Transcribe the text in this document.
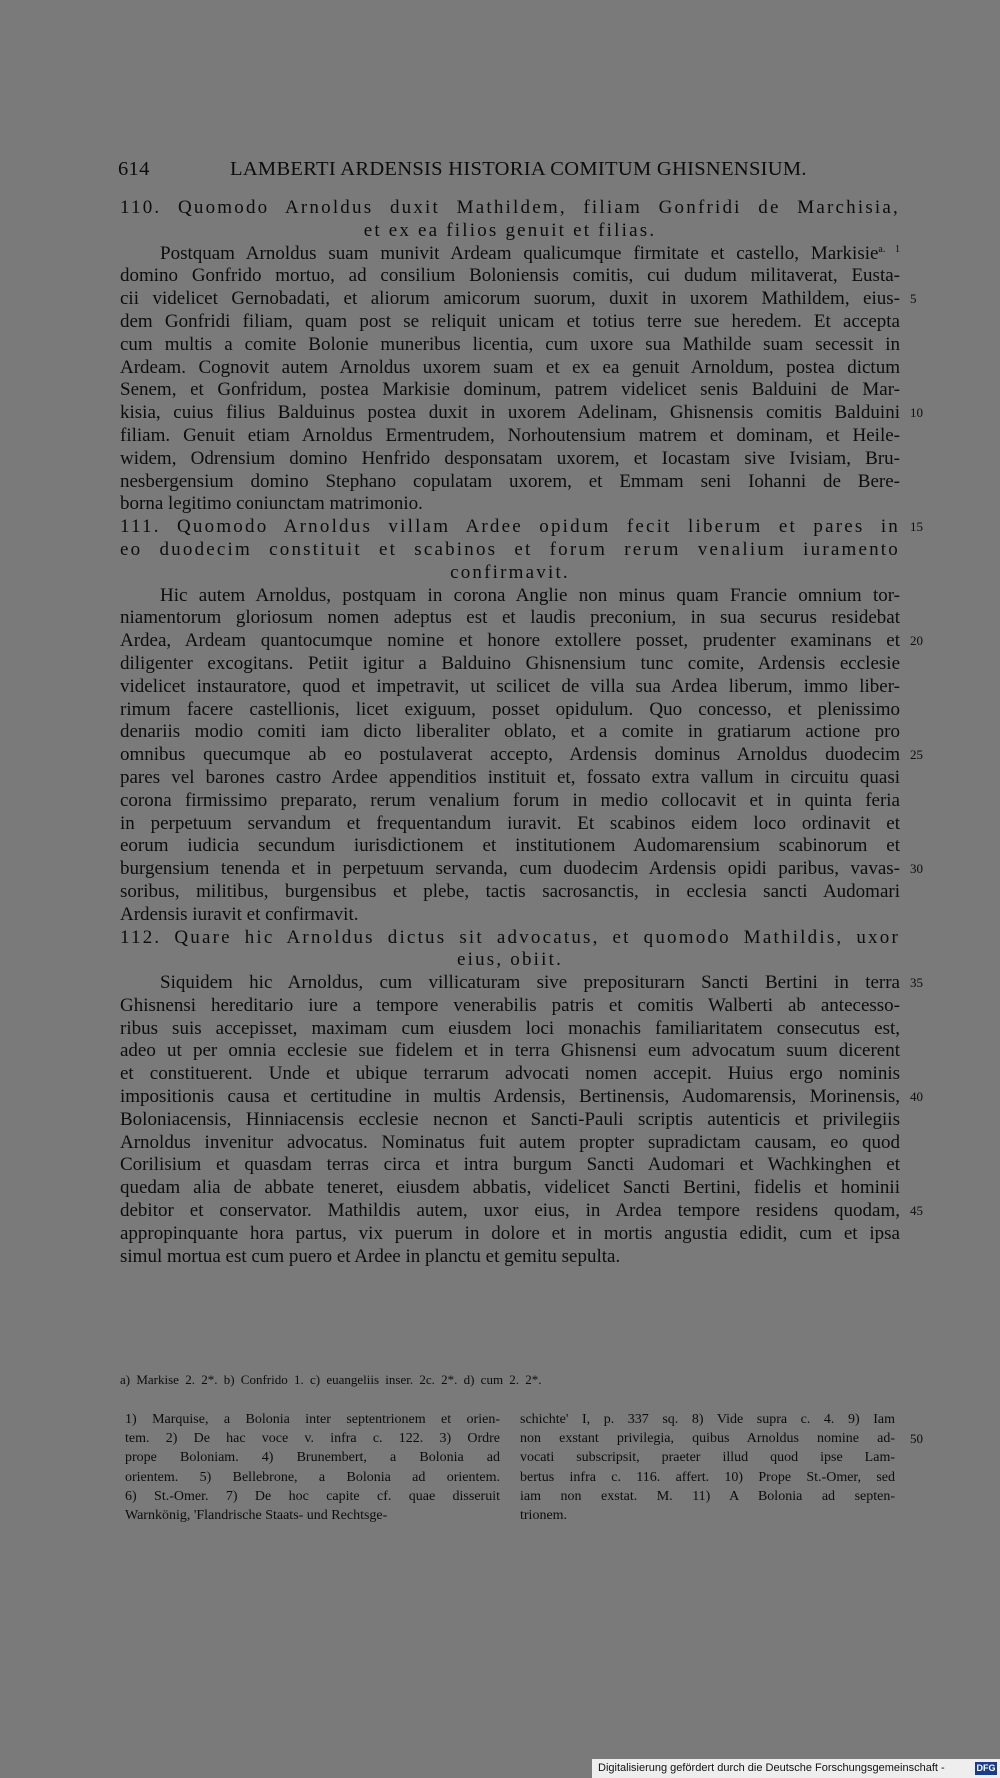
614	LAMBERTI ARDENSIS HISTORIA COMITUM GHISNENSIUM.
110. Quomodo Arnoldus duxit Mathildem, filiam Gonfridi de Marchisia,
et ex ea filios genuit et filias.
Postquam Arnoldus suam munivit Ardeam qualicumque firmitate et castello, Markisie$^{a. 1}$
domino Gonfrido mortuo, ad consilium Boloniensis comitis, cui dudum militaverat, Eusta-
cii videlicet Gernobadati, et aliorum amicorum suorum, duxit in uxorem Mathildem, eius- 5
dem Gonfridi filiam, quam post se reliquit unicam et totius terre sue heredem. Et accepta
cum multis a comite Bolonie muneribus licentia, cum uxore sua Mathilde suam secessit in
Ardeam. Cognovit autem Arnoldus uxorem suam et ex ea genuit Arnoldum, postea dictum
Senem, et Gonfridum, postea Markisie dominum, patrem videlicet senis Balduini de Mar-
kisia, cuius filius Balduinus postea duxit in uxorem Adelinam, Ghisnensis comitis Balduini 10
filiam. Genuit etiam Arnoldus Ermentrudem, Norhoutensium matrem et dominam, et Heile-
widem, Odrensium domino Henfrido desponsatam uxorem, et Iocastam sive Ivisiam, Bru-
nesbergensium domino Stephano copulatam uxorem, et Emmam seni Iohanni de Bere-
borna legitimo coniunctam matrimonio.
111. Quomodo Arnoldus villam Ardee opidum fecit liberum et pares in 15
eo duodecim constituit et scabinos et forum rerum venalium iuramento
confirmavit.
Hic autem Arnoldus, postquam in corona Anglie non minus quam Francie omnium tor-
niamentorum gloriosum nomen adeptus est et laudis preconium, in sua securus residebat
Ardea, Ardeam quantocumque nomine et honore extollere posset, prudenter examinans et 20
diligenter excogitans. Petiit igitur a Balduino Ghisnensium tunc comite, Ardensis ecclesie
videlicet instauratore, quod et impetravit, ut scilicet de villa sua Ardea liberum, immo liber-
rimum facere castellionis, licet exiguum, posset opidulum. Quo concesso, et plenissimo
denariis modio comiti iam dicto liberaliter oblato, et a comite in gratiarum actione pro
omnibus quecumque ab eo postulaverat accepto, Ardensis dominus Arnoldus duodecim 25
pares vel barones castro Ardee appenditios instituit et, fossato extra vallum in circuitu quasi
corona firmissimo preparato, rerum venalium forum in medio collocavit et in quinta feria
in perpetuum servandum et frequentandum iuravit. Et scabinos eidem loco ordinavit et
eorum iudicia secundum iurisdictionem et institutionem Audomarensium scabinorum et
burgensium tenenda et in perpetuum servanda, cum duodecim Ardensis opidi paribus, vavas- 30
soribus, militibus, burgensibus et plebe, tactis sacrosanctis, in ecclesia sancti Audomari
Ardensis iuravit et confirmavit.
112. Quare hic Arnoldus dictus sit advocatus, et quomodo Mathildis, uxor
eius, obiit.
Siquidem hic Arnoldus, cum villicaturam sive prepositurarn Sancti Bertini in terra 35
Ghisnensi hereditario iure a tempore venerabilis patris et comitis Walberti ab antecesso-
ribus suis accepisset, maximam cum eiusdem loci monachis familiaritatem consecutus est,
adeo ut per omnia ecclesie sue fidelem et in terra Ghisnensi eum advocatum suum dicerent
et constituerent. Unde et ubique terrarum advocati nomen accepit. Huius ergo nominis
impositionis causa et certitudine in multis Ardensis, Bertinensis, Audomarensis, Morinensis, 40
Boloniacensis, Hinniacensis ecclesie necnon et Sancti-Pauli scriptis autenticis et privilegiis
Arnoldus invenitur advocatus. Nominatus fuit autem propter supradictam causam, eo quod
Corilisium et quasdam terras circa et intra burgum Sancti Audomari et Wachkinghen et
quedam alia de abbate teneret, eiusdem abbatis, videlicet Sancti Bertini, fidelis et hominii
debitor et conservator. Mathildis autem, uxor eius, in Ardea tempore residens quodam, 45
appropinquante hora partus, vix puerum in dolore et in mortis angustia edidit, cum et ipsa
simul mortua est cum puero et Ardee in planctu et gemitu sepulta.
a) Markise 2. 2*. b) Confrido 1. c) euangeliis inser. 2c. 2*. d) cum 2. 2*.
1) Marquise, a Bolonia inter septentrionem et orien-
tem. 2) De hac voce v. infra c. 122. 3) Ordre
prope Boloniam. 4) Brunembert, a Bolonia ad
orientem. 5) Bellebrone, a Bolonia ad orientem.
6) St.-Omer. 7) De hoc capite cf. quae disseruit
Warnkönig, 'Flandrische Staats- und Rechtsge-
schichte' I, p. 337 sq. 8) Vide supra c. 4. 9) Iam
non exstant privilegia, quibus Arnoldus nomine ad- 50
vocati subscripsit, praeter illud quod ipse Lam-
bertus infra c. 116. affert. 10) Prope St.-Omer, sed
iam non exstat. M. 11) A Bolonia ad septen-
trionem.
Digitalisierung gefördert durch die Deutsche Forschungsgemeinschaft -	DFG
